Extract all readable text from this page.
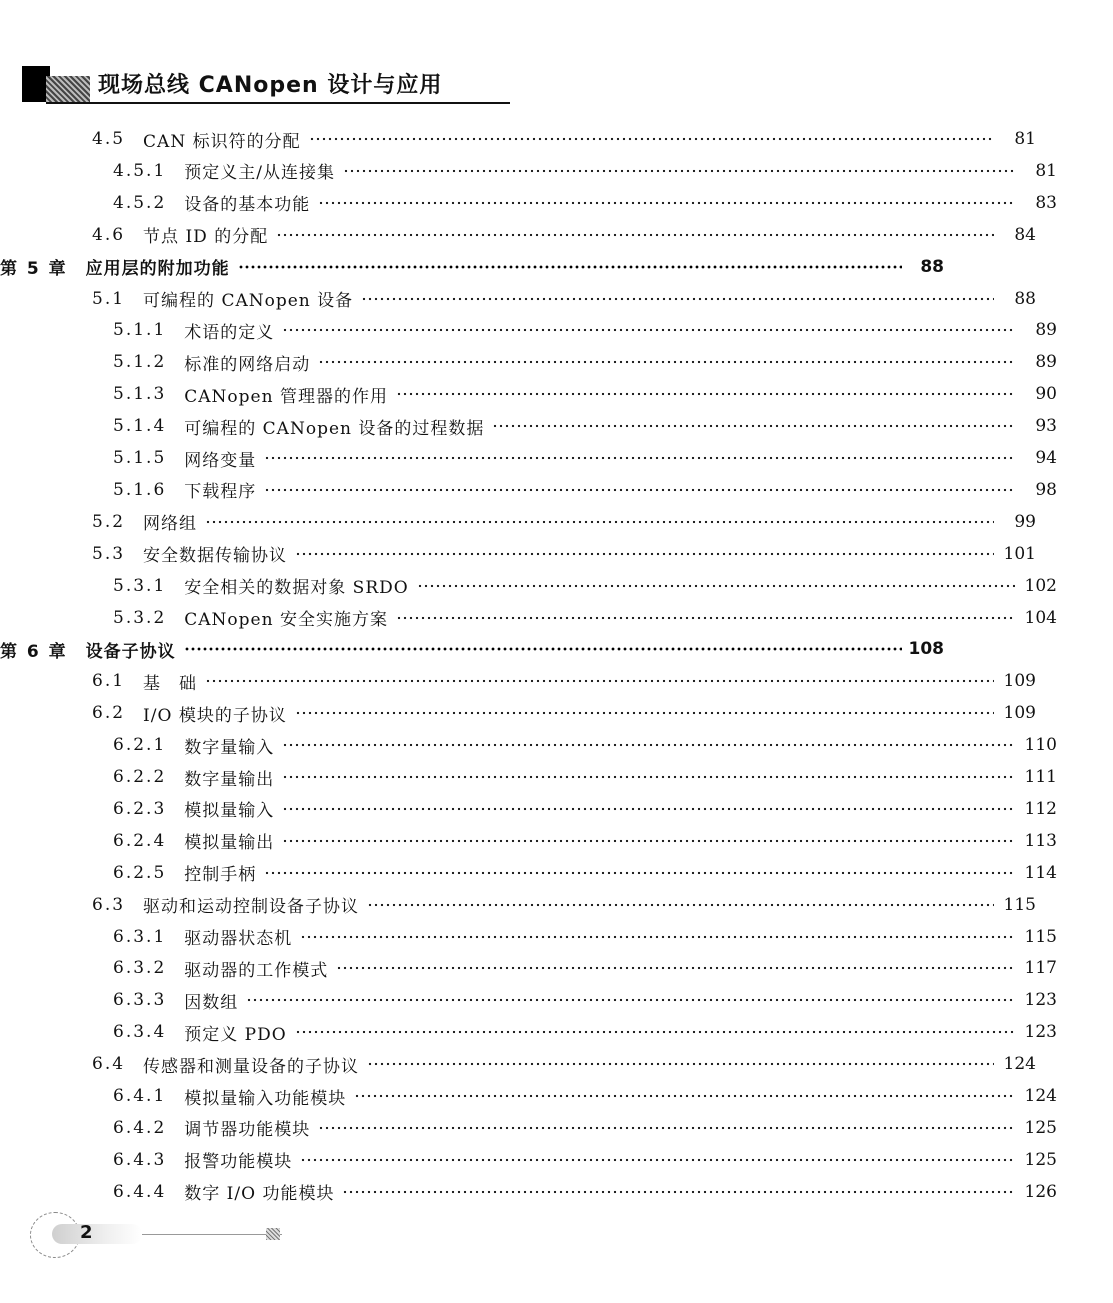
现场总线 CANopen 设计与应用
4.5 CAN 标识符的分配	81
4.5.1 预定义主/从连接集	81
4.5.2 设备的基本功能	83
4.6 节点 ID 的分配	84
第 5 章 应用层的附加功能	88
5.1 可编程的 CANopen 设备	88
5.1.1 术语的定义	89
5.1.2 标准的网络启动	89
5.1.3 CANopen 管理器的作用	90
5.1.4 可编程的 CANopen 设备的过程数据	93
5.1.5 网络变量	94
5.1.6 下载程序	98
5.2 网络组	99
5.3 安全数据传输协议	101
5.3.1 安全相关的数据对象 SRDO	102
5.3.2 CANopen 安全实施方案	104
第 6 章 设备子协议	108
6.1 基　础	109
6.2 I/O 模块的子协议	109
6.2.1 数字量输入	110
6.2.2 数字量输出	111
6.2.3 模拟量输入	112
6.2.4 模拟量输出	113
6.2.5 控制手柄	114
6.3 驱动和运动控制设备子协议	115
6.3.1 驱动器状态机	115
6.3.2 驱动器的工作模式	117
6.3.3 因数组	123
6.3.4 预定义 PDO	123
6.4 传感器和测量设备的子协议	124
6.4.1 模拟量输入功能模块	124
6.4.2 调节器功能模块	125
6.4.3 报警功能模块	125
6.4.4 数字 I/O 功能模块	126
2
